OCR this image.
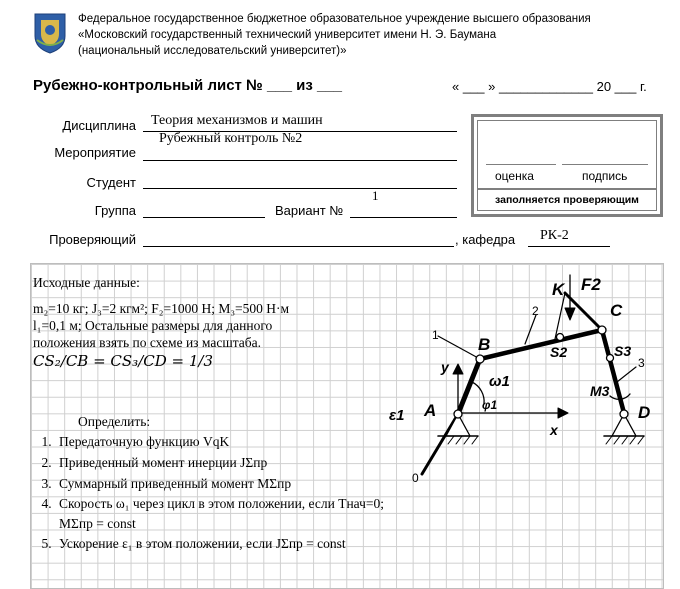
Федеральное государственное бюджетное образовательное учреждение высшего образования
«Московский государственный технический университет имени Н. Э. Баумана
(национальный исследовательский университет)»
Рубежно-контрольный лист № ___ из ___	« ___ » _____________ 20 ___ г.
Дисциплина Теория механизмов и машин
Мероприятие
Рубежный контроль №2
Студент
Группа	Вариант №
1
Проверяющий	, кафедра РК-2
оценка	подпись
заполняется проверяющим
Исходные данные:
m₂=10 кг; J₃=2 кгм²; F₂=1000 Н; M₃=500 Н·м
l₁=0,1 м; Остальные размеры для данного
положения взять по схеме из масштаба.
CS₂/CB = CS₃/CD = 1/3
Определить:
1. Передаточную функцию VqK
2. Приведенный момент инерции JΣпр
3. Суммарный приведенный момент MΣпр
4. Скорость ω₁ через цикл в этом положении, если Tнач=0; MΣпр = const
5. Ускорение ε₁ в этом положении, если JΣпр = const
A
B
C
D
K F2
S2	S3
M3
ω1
ε1
φ1
y
x
0
1
2
3
